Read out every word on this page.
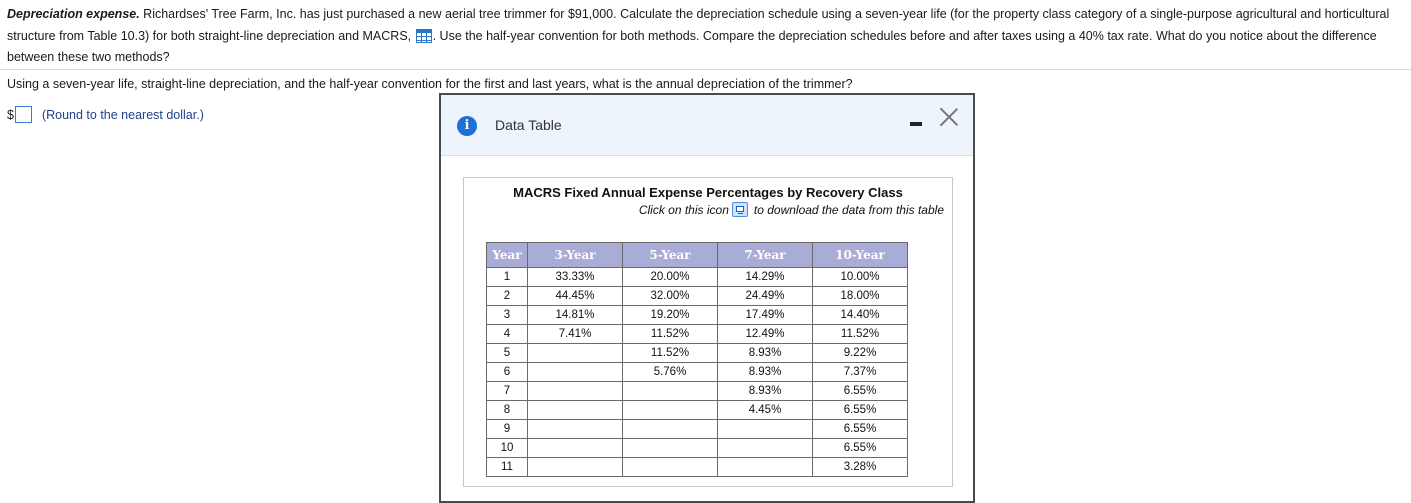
Depreciation expense. Richardses' Tree Farm, Inc. has just purchased a new aerial tree trimmer for $91,000. Calculate the depreciation schedule using a seven-year life (for the property class category of a single-purpose agricultural and horticultural structure from Table 10.3) for both straight-line depreciation and MACRS, . Use the half-year convention for both methods. Compare the depreciation schedules before and after taxes using a 40% tax rate. What do you notice about the difference between these two methods?
Using a seven-year life, straight-line depreciation, and the half-year convention for the first and last years, what is the annual depreciation of the trimmer?
$ (Round to the nearest dollar.)
i	Data Table
MACRS Fixed Annual Expense Percentages by Recovery Class
Click on this icon to download the data from this table
Year	3-Year	5-Year	7-Year	10-Year
1	33.33%	20.00%	14.29%	10.00%
2	44.45%	32.00%	24.49%	18.00%
3	14.81%	19.20%	17.49%	14.40%
4	7.41%	11.52%	12.49%	11.52%
5		11.52%	8.93%	9.22%
6		5.76%	8.93%	7.37%
7			8.93%	6.55%
8			4.45%	6.55%
9				6.55%
10				6.55%
11				3.28%
